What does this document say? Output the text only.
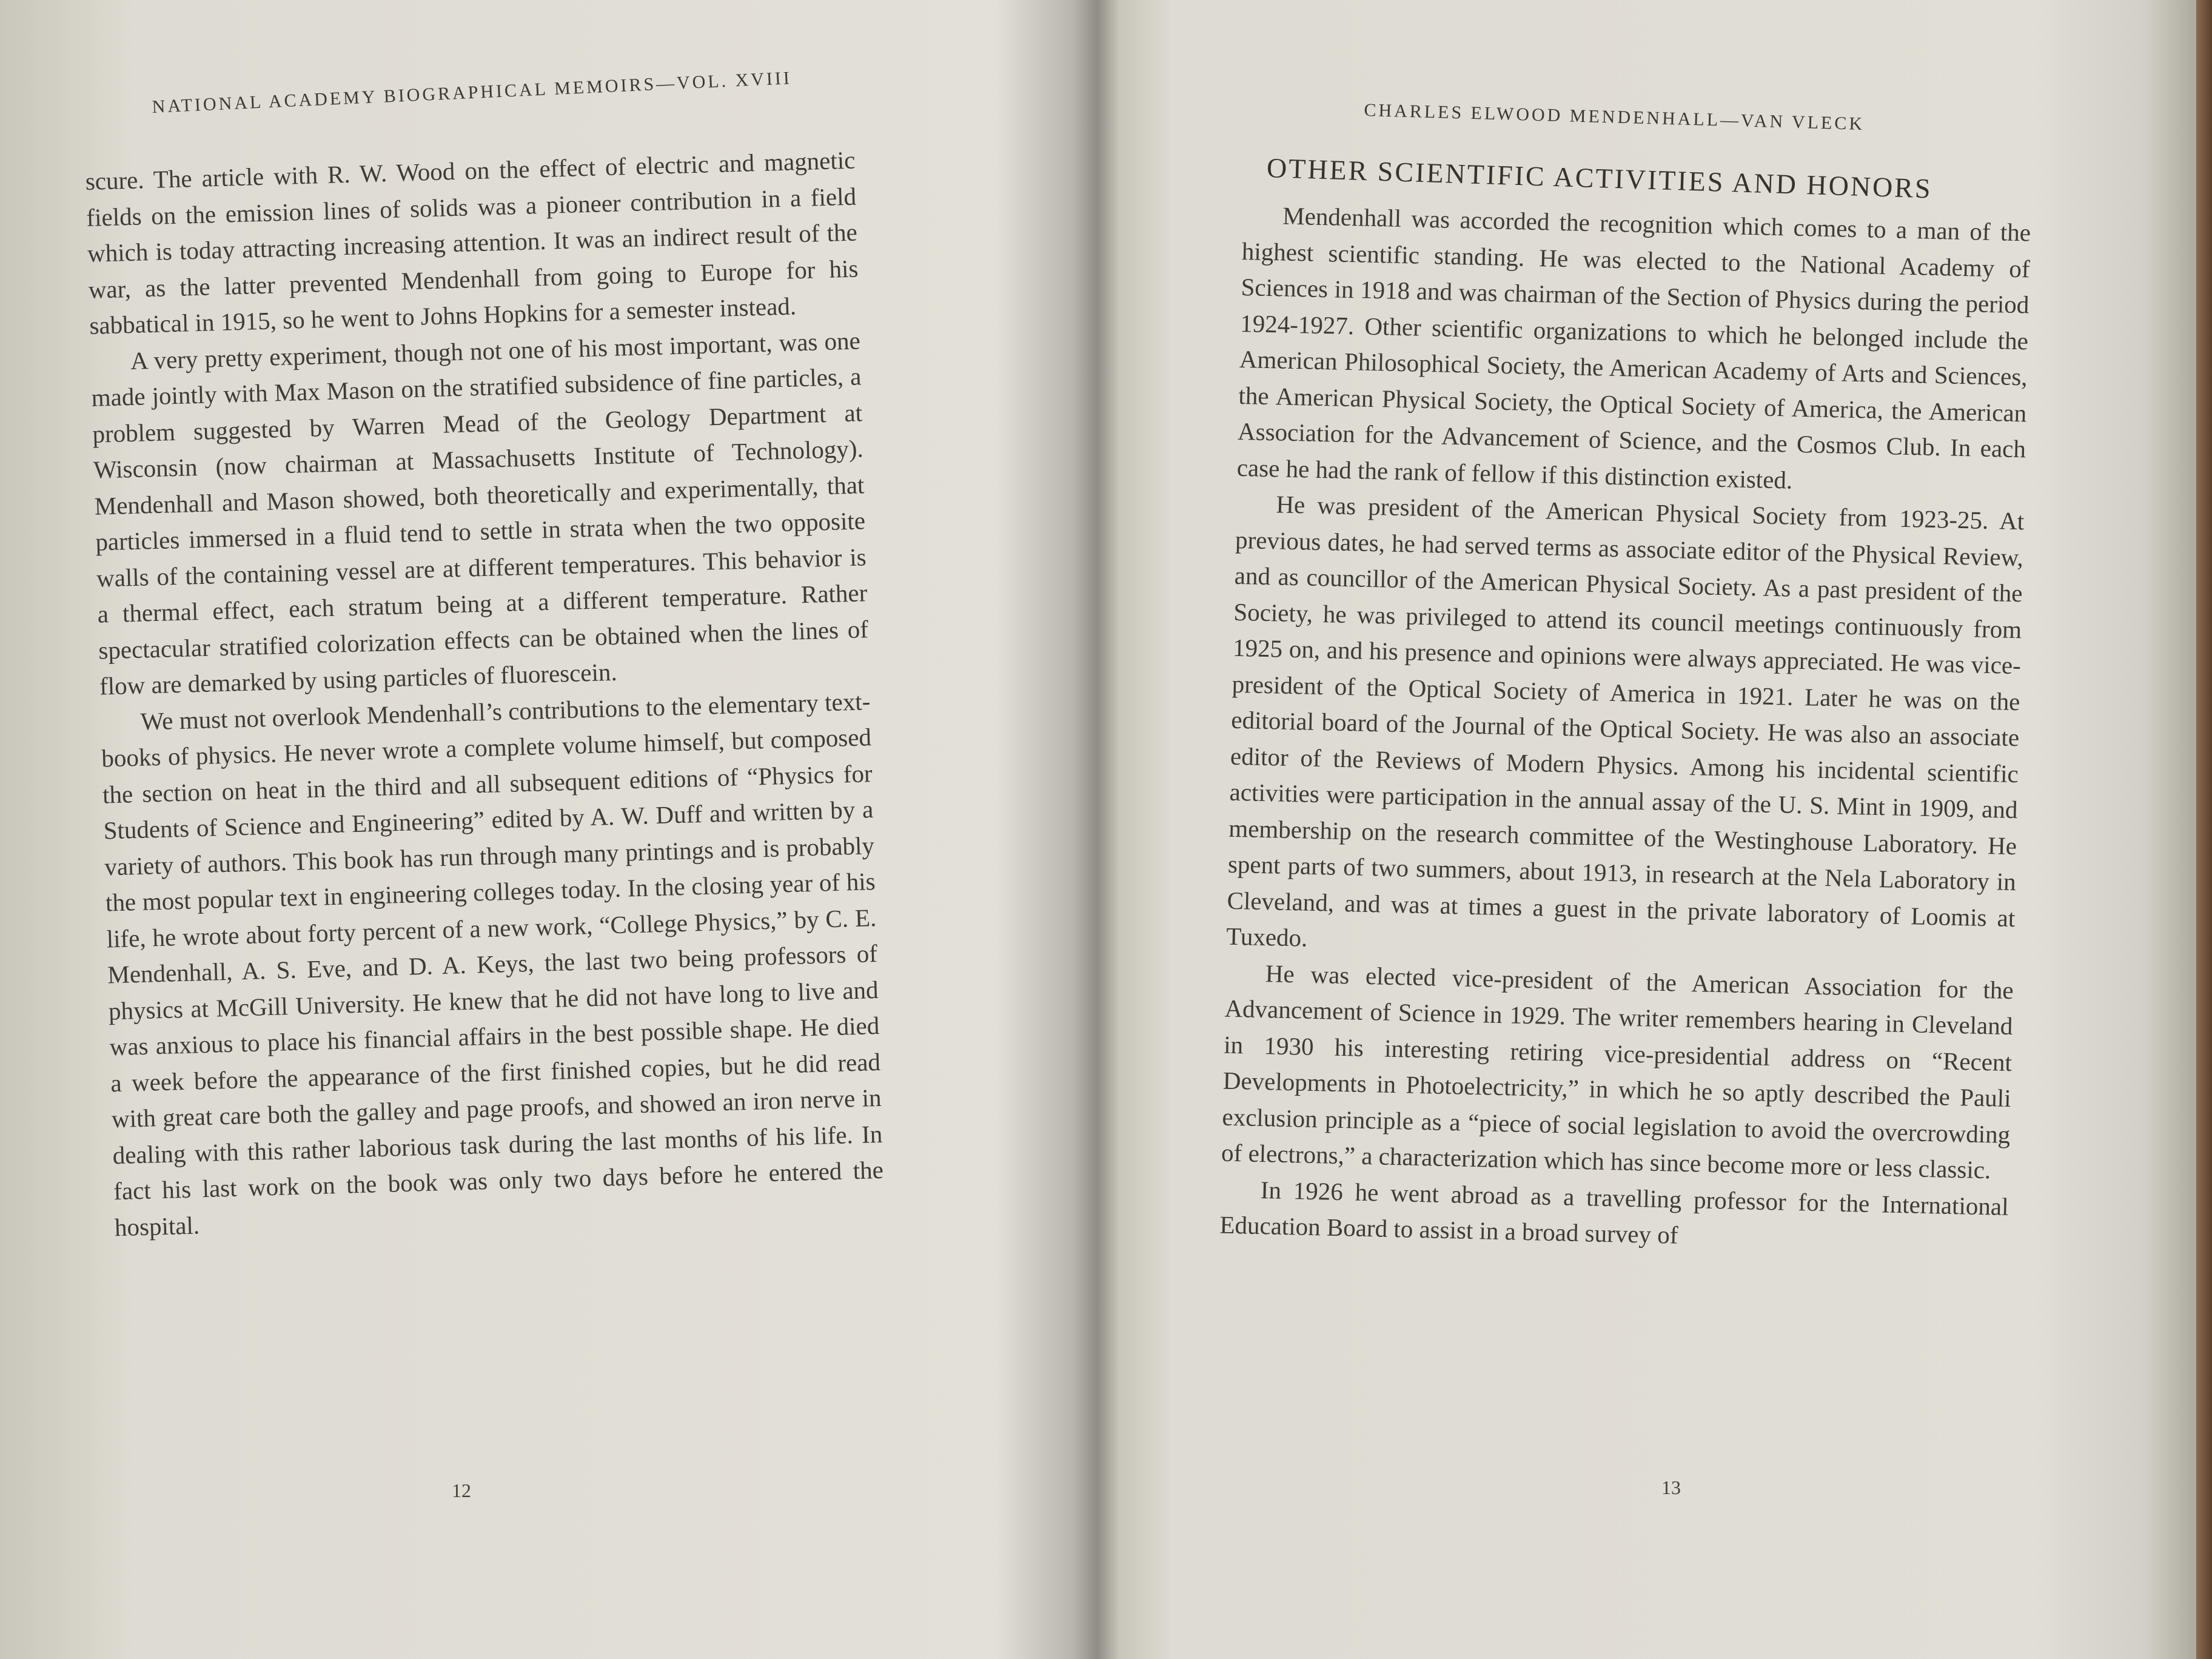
NATIONAL ACADEMY BIOGRAPHICAL MEMOIRS—VOL. XVIII

scure. The article with R. W. Wood on the effect of electric and magnetic fields on the emission lines of solids was a pioneer contribution in a field which is today attracting increasing attention. It was an indirect result of the war, as the latter prevented Mendenhall from going to Europe for his sabbatical in 1915, so he went to Johns Hopkins for a semester instead.

A very pretty experiment, though not one of his most important, was one made jointly with Max Mason on the stratified subsidence of fine particles, a problem suggested by Warren Mead of the Geology Department at Wisconsin (now chairman at Massachusetts Institute of Technology). Mendenhall and Mason showed, both theoretically and experimentally, that particles immersed in a fluid tend to settle in strata when the two opposite walls of the containing vessel are at different temperatures. This behavior is a thermal effect, each stratum being at a different temperature. Rather spectacular stratified colorization effects can be obtained when the lines of flow are demarked by using particles of fluorescein.

We must not overlook Mendenhall’s contributions to the elementary text-books of physics. He never wrote a complete volume himself, but composed the section on heat in the third and all subsequent editions of “Physics for Students of Science and Engineering” edited by A. W. Duff and written by a variety of authors. This book has run through many printings and is probably the most popular text in engineering colleges today. In the closing year of his life, he wrote about forty percent of a new work, “College Physics,” by C. E. Mendenhall, A. S. Eve, and D. A. Keys, the last two being professors of physics at McGill University. He knew that he did not have long to live and was anxious to place his financial affairs in the best possible shape. He died a week before the appearance of the first finished copies, but he did read with great care both the galley and page proofs, and showed an iron nerve in dealing with this rather laborious task during the last months of his life. In fact his last work on the book was only two days before he entered the hospital.

12
CHARLES ELWOOD MENDENHALL—VAN VLECK
OTHER SCIENTIFIC ACTIVITIES AND HONORS

Mendenhall was accorded the recognition which comes to a man of the highest scientific standing. He was elected to the National Academy of Sciences in 1918 and was chairman of the Section of Physics during the period 1924-1927. Other scientific organizations to which he belonged include the American Philosophical Society, the American Academy of Arts and Sciences, the American Physical Society, the Optical Society of America, the American Association for the Advancement of Science, and the Cosmos Club. In each case he had the rank of fellow if this distinction existed.

He was president of the American Physical Society from 1923-25. At previous dates, he had served terms as associate editor of the Physical Review, and as councillor of the American Physical Society. As a past president of the Society, he was privileged to attend its council meetings continuously from 1925 on, and his presence and opinions were always appreciated. He was vice-president of the Optical Society of America in 1921. Later he was on the editorial board of the Journal of the Optical Society. He was also an associate editor of the Reviews of Modern Physics. Among his incidental scientific activities were participation in the annual assay of the U. S. Mint in 1909, and membership on the research committee of the Westinghouse Laboratory. He spent parts of two summers, about 1913, in research at the Nela Laboratory in Cleveland, and was at times a guest in the private laboratory of Loomis at Tuxedo.

He was elected vice-president of the American Association for the Advancement of Science in 1929. The writer remembers hearing in Cleveland in 1930 his interesting retiring vice-presidential address on “Recent Developments in Photoelectricity,” in which he so aptly described the Pauli exclusion principle as a “piece of social legislation to avoid the overcrowding of electrons,” a characterization which has since become more or less classic.

In 1926 he went abroad as a travelling professor for the International Education Board to assist in a broad survey of

13
